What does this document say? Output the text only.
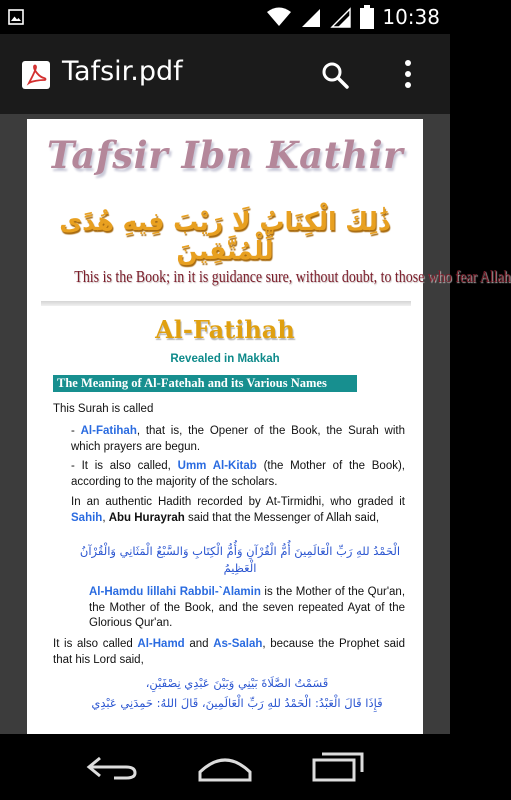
10:38
Tafsir.pdf
Tafsir Ibn Kathir
ذَٰلِكَ الْكِتَابُ لَا رَيْبَ فِيهِ هُدًى لِّلْمُتَّقِينَ
This is the Book; in it is guidance sure, without doubt, to those who fear Allah
Al-Fatihah
Revealed in Makkah
The Meaning of Al-Fatehah and its Various Names
This Surah is called
- Al-Fatihah, that is, the Opener of the Book, the Surah with which prayers are begun.
- It is also called, Umm Al-Kitab (the Mother of the Book), according to the majority of the scholars.
In an authentic Hadith recorded by At-Tirmidhi, who graded it Sahih, Abu Hurayrah said that the Messenger of Allah said,
الْحَمْدُ للهِ رَبِّ الْعَالَمِينَ أُمُّ الْقُرْآنِ وَأُمُّ الْكِتَابِ وَالسَّبْعُ الْمَثَانِي وَالْقُرْآنُ الْعَظِيمُ
Al-Hamdu lillahi Rabbil-`Alamin is the Mother of the Qur'an, the Mother of the Book, and the seven repeated Ayat of the Glorious Qur'an.
It is also called Al-Hamd and As-Salah, because the Prophet said that his Lord said,
قَسَمْتُ الصَّلَاةَ بَيْنِي وَبَيْنَ عَبْدِي نِصْفَيْنِ،
فَإِذَا قَالَ الْعَبْدُ: الْحَمْدُ للهِ رَبِّ الْعَالَمِينَ، قَالَ اللهُ: حَمِدَنِي عَبْدِي
